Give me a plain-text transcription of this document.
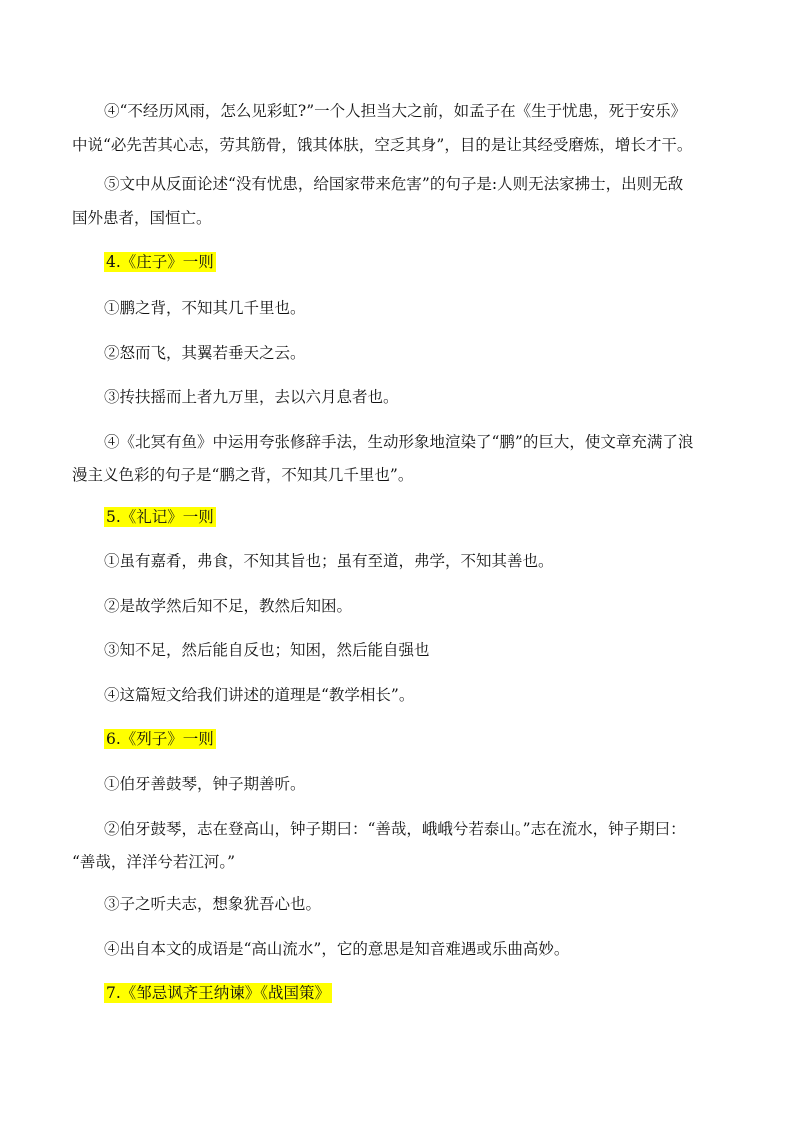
④“不经历风雨，怎么见彩虹?”一个人担当大之前，如孟子在《生于忧患，死于安乐》
中说“必先苦其心志，劳其筋骨，饿其体肤，空乏其身”，目的是让其经受磨炼，增长才干。
⑤文中从反面论述“没有忧患，给国家带来危害”的句子是:人则无法家拂士，出则无敌
国外患者，国恒亡。
4.《庄子》一则
①鹏之背，不知其几千里也。
②怒而飞，其翼若垂天之云。
③抟扶摇而上者九万里，去以六月息者也。
④《北冥有鱼》中运用夸张修辞手法，生动形象地渲染了“鹏”的巨大，使文章充满了浪
漫主义色彩的句子是“鹏之背，不知其几千里也”。
5.《礼记》一则
①虽有嘉肴，弗食，不知其旨也；虽有至道，弗学，不知其善也。
②是故学然后知不足，教然后知困。
③知不足，然后能自反也；知困，然后能自强也
④这篇短文给我们讲述的道理是“教学相长”。
6.《列子》一则
①伯牙善鼓琴，钟子期善听。
②伯牙鼓琴，志在登高山，钟子期曰：“善哉，峨峨兮若泰山。”志在流水，钟子期曰：
“善哉，洋洋兮若江河。”
③子之听夫志，想象犹吾心也。
④出自本文的成语是“高山流水”，它的意思是知音难遇或乐曲高妙。
7.《邹忌讽齐王纳谏》《战国策》
